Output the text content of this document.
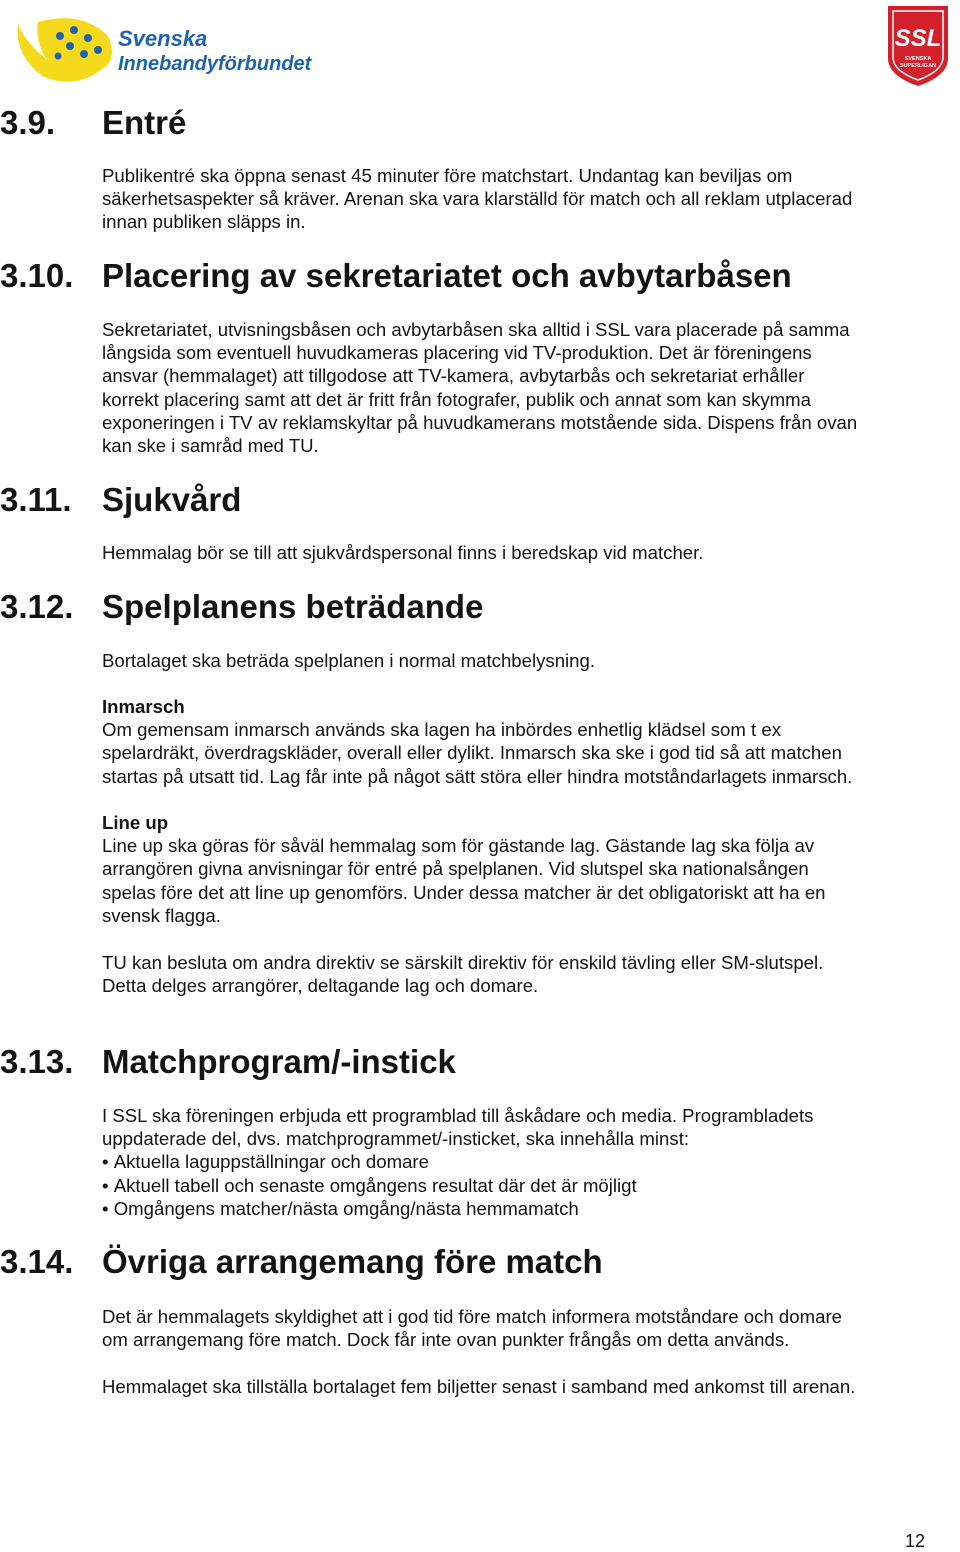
Svenska
Innebandyförbundet
SSL
SVENSKA
SUPERLIGAN
3.9. Entré
Publikentré ska öppna senast 45 minuter före matchstart. Undantag kan beviljas om
säkerhetsaspekter så kräver. Arenan ska vara klarställd för match och all reklam utplacerad
innan publiken släpps in.
3.10. Placering av sekretariatet och avbytarbåsen
Sekretariatet, utvisningsbåsen och avbytarbåsen ska alltid i SSL vara placerade på samma
långsida som eventuell huvudkameras placering vid TV-produktion. Det är föreningens
ansvar (hemmalaget) att tillgodose att TV-kamera, avbytarbås och sekretariat erhåller
korrekt placering samt att det är fritt från fotografer, publik och annat som kan skymma
exponeringen i TV av reklamskyltar på huvudkamerans motstående sida. Dispens från ovan
kan ske i samråd med TU.
3.11. Sjukvård
Hemmalag bör se till att sjukvårdspersonal finns i beredskap vid matcher.
3.12. Spelplanens beträdande
Bortalaget ska beträda spelplanen i normal matchbelysning.
Inmarsch
Om gemensam inmarsch används ska lagen ha inbördes enhetlig klädsel som t ex
spelardräkt, överdragskläder, overall eller dylikt. Inmarsch ska ske i god tid så att matchen
startas på utsatt tid. Lag får inte på något sätt störa eller hindra motståndarlagets inmarsch.
Line up
Line up ska göras för såväl hemmalag som för gästande lag. Gästande lag ska följa av
arrangören givna anvisningar för entré på spelplanen. Vid slutspel ska nationalsången
spelas före det att line up genomförs. Under dessa matcher är det obligatoriskt att ha en
svensk flagga.
TU kan besluta om andra direktiv se särskilt direktiv för enskild tävling eller SM-slutspel.
Detta delges arrangörer, deltagande lag och domare.
3.13. Matchprogram/-instick
I SSL ska föreningen erbjuda ett programblad till åskådare och media. Programbladets
uppdaterade del, dvs. matchprogrammet/-insticket, ska innehålla minst:
• Aktuella laguppställningar och domare
• Aktuell tabell och senaste omgångens resultat där det är möjligt
• Omgångens matcher/nästa omgång/nästa hemmamatch
3.14. Övriga arrangemang före match
Det är hemmalagets skyldighet att i god tid före match informera motståndare och domare
om arrangemang före match. Dock får inte ovan punkter frångås om detta används.
Hemmalaget ska tillställa bortalaget fem biljetter senast i samband med ankomst till arenan.
12
